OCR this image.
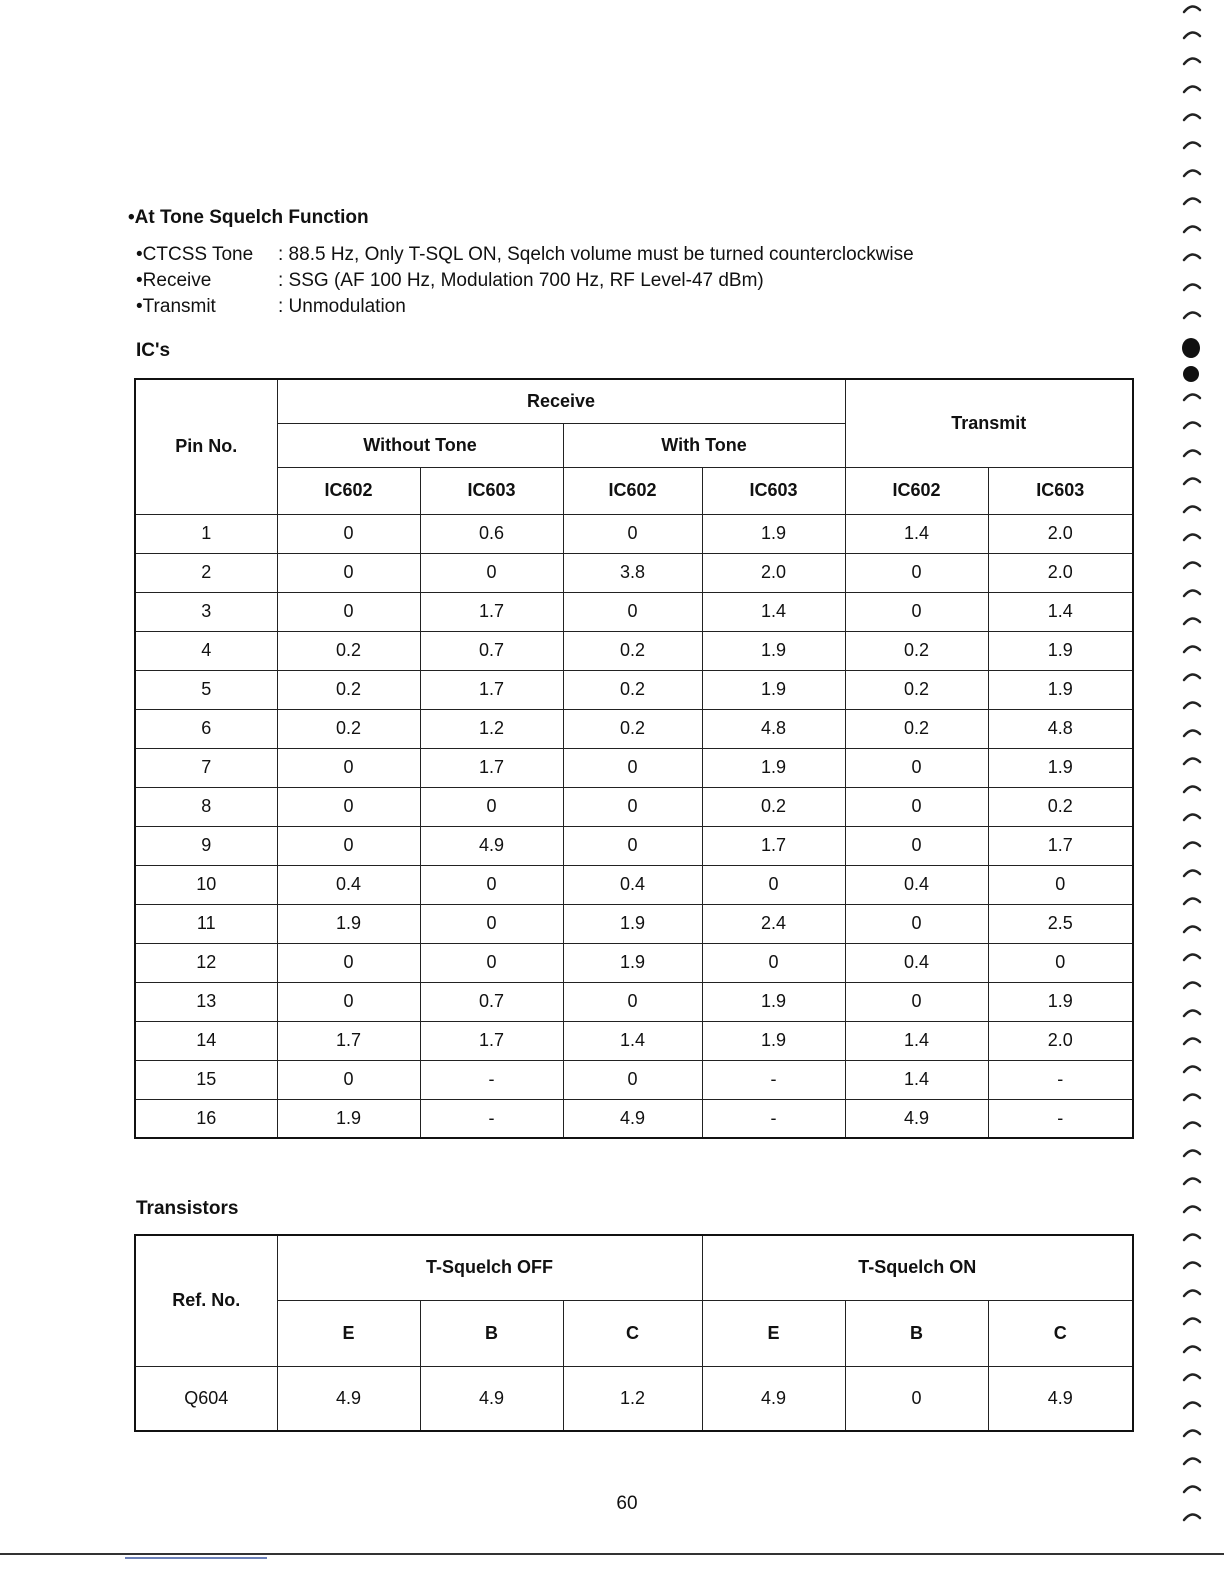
•At Tone Squelch Function
•CTCSS Tone	: 88.5 Hz, Only T-SQL ON, Sqelch volume must be turned counterclockwise
•Receive	: SSG (AF 100 Hz, Modulation 700 Hz, RF Level-47 dBm)
•Transmit	: Unmodulation
IC's
Pin No.	Receive				Transmit	
	Without Tone		With Tone			
	IC602	IC603	IC602	IC603	IC602	IC603
1	0	0.6	0	1.9	1.4	2.0
2	0	0	3.8	2.0	0	2.0
3	0	1.7	0	1.4	0	1.4
4	0.2	0.7	0.2	1.9	0.2	1.9
5	0.2	1.7	0.2	1.9	0.2	1.9
6	0.2	1.2	0.2	4.8	0.2	4.8
7	0	1.7	0	1.9	0	1.9
8	0	0	0	0.2	0	0.2
9	0	4.9	0	1.7	0	1.7
10	0.4	0	0.4	0	0.4	0
11	1.9	0	1.9	2.4	0	2.5
12	0	0	1.9	0	0.4	0
13	0	0.7	0	1.9	0	1.9
14	1.7	1.7	1.4	1.9	1.4	2.0
15	0	-	0	-	1.4	-
16	1.9	-	4.9	-	4.9	-
Transistors
Ref. No.	T-Squelch OFF			T-Squelch ON		
	E	B	C	E	B	C
Q604	4.9	4.9	1.2	4.9	0	4.9
60
